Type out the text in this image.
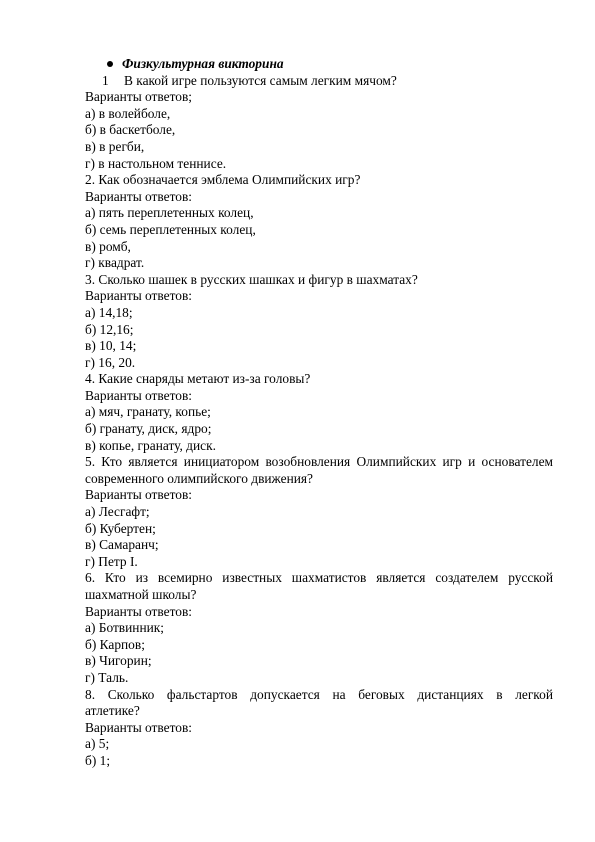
Физкультурная викторина
1 В какой игре пользуются самым легким мячом?
Варианты ответов;
а) в волейболе,
б) в баскетболе,
в) в регби,
г) в настольном теннисе.
2. Как обозначается эмблема Олимпийских игр?
Варианты ответов:
а) пять переплетенных колец,
б) семь переплетенных колец,
в) ромб,
г) квадрат.
3. Сколько шашек в русских шашках и фигур в шахматах?
Варианты ответов:
а) 14,18;
б) 12,16;
в) 10, 14;
г) 16, 20.
4. Какие снаряды метают из-за головы?
Варианты ответов:
а) мяч, гранату, копье;
б) гранату, диск, ядро;
в) копье, гранату, диск.
5. Кто является инициатором возобновления Олимпийских игр и основателем
современного олимпийского движения?
Варианты ответов:
а) Лесгафт;
б) Кубертен;
в) Самаранч;
г) Петр I.
6. Кто из всемирно известных шахматистов является создателем русской
шахматной школы?
Варианты ответов:
а) Ботвинник;
б) Карпов;
в) Чигорин;
г) Таль.
8. Сколько фальстартов допускается на беговых дистанциях в легкой
атлетике?
Варианты ответов:
а) 5;
б) 1;
